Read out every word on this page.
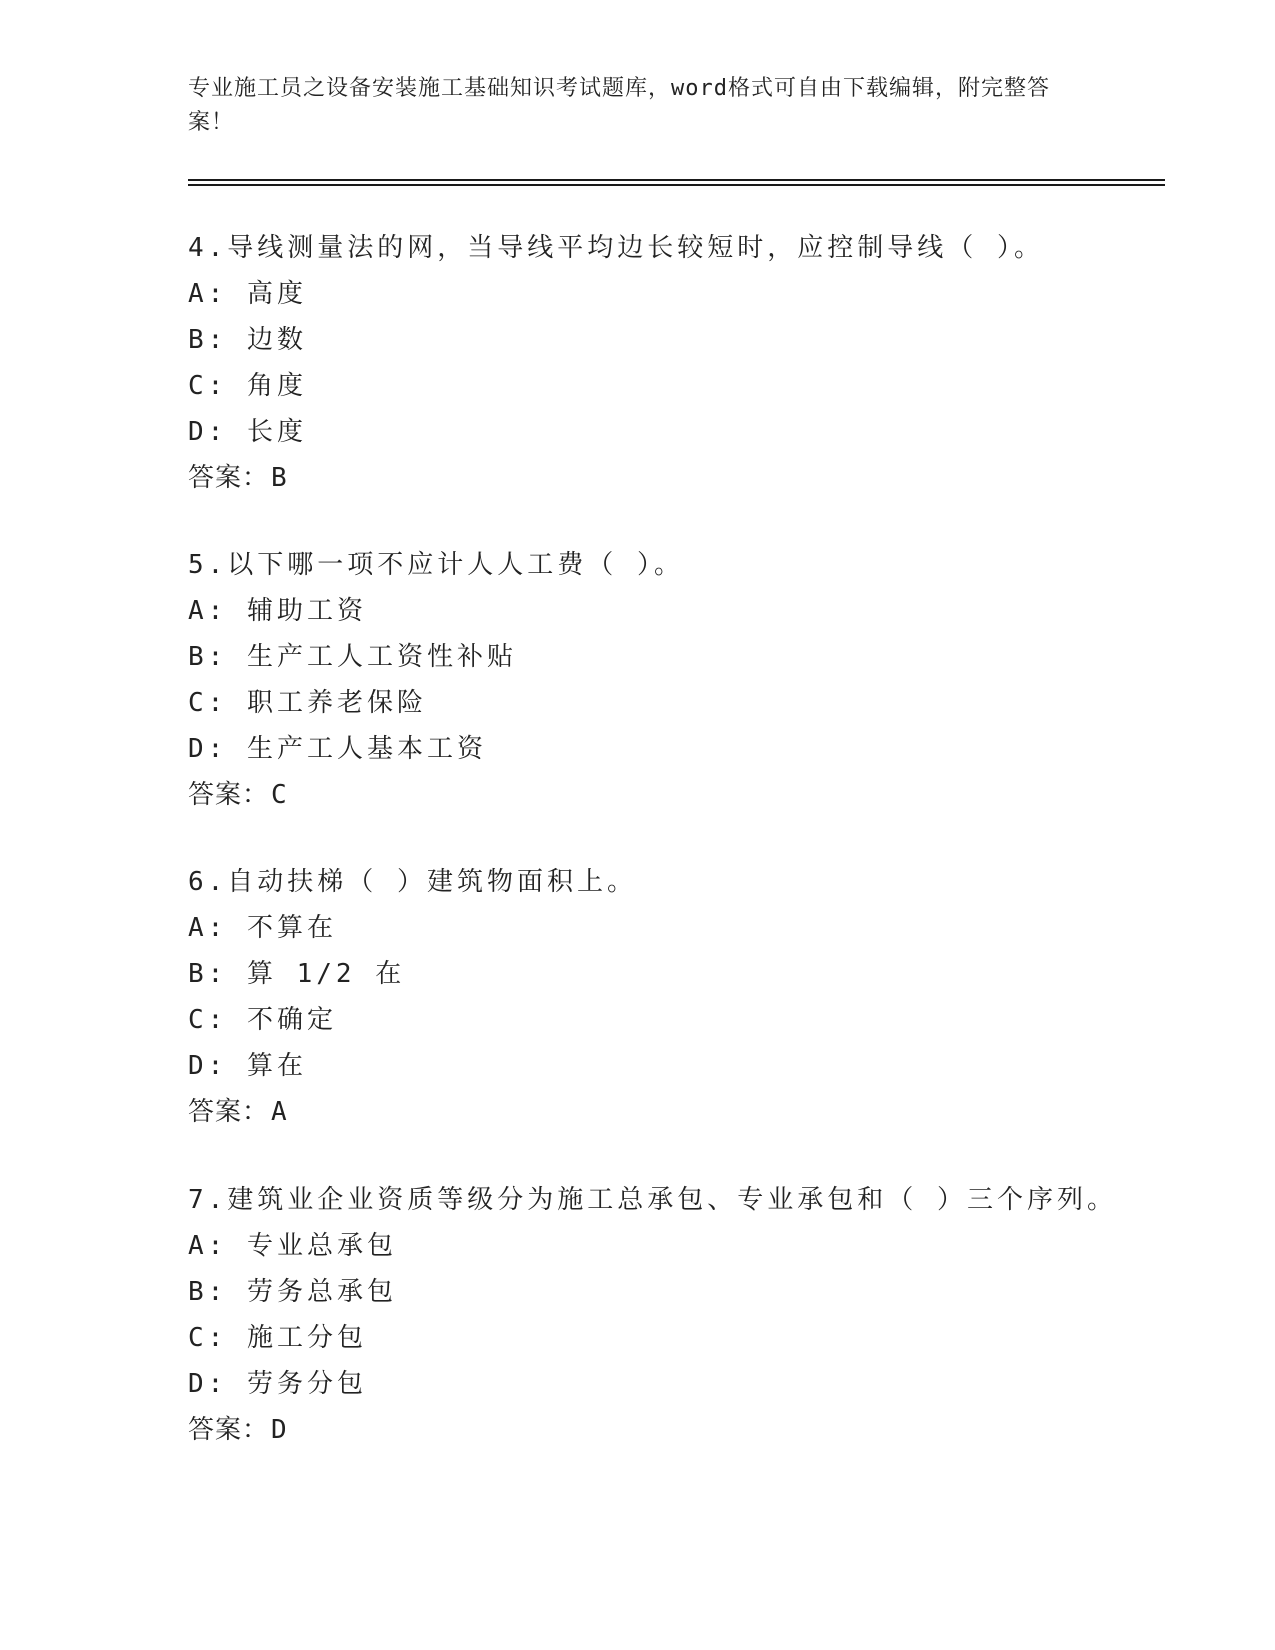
专业施工员之设备安装施工基础知识考试题库，word格式可自由下载编辑，附完整答案！
4.导线测量法的网，当导线平均边长较短时，应控制导线（ ）。
A: 高度
B: 边数
C: 角度
D: 长度
答案：B
5.以下哪一项不应计人人工费（ ）。
A: 辅助工资
B: 生产工人工资性补贴
C: 职工养老保险
D: 生产工人基本工资
答案：C
6.自动扶梯（ ）建筑物面积上。
A: 不算在
B: 算 1/2 在
C: 不确定
D: 算在
答案：A
7.建筑业企业资质等级分为施工总承包、专业承包和（ ）三个序列。
A: 专业总承包
B: 劳务总承包
C: 施工分包
D: 劳务分包
答案：D
